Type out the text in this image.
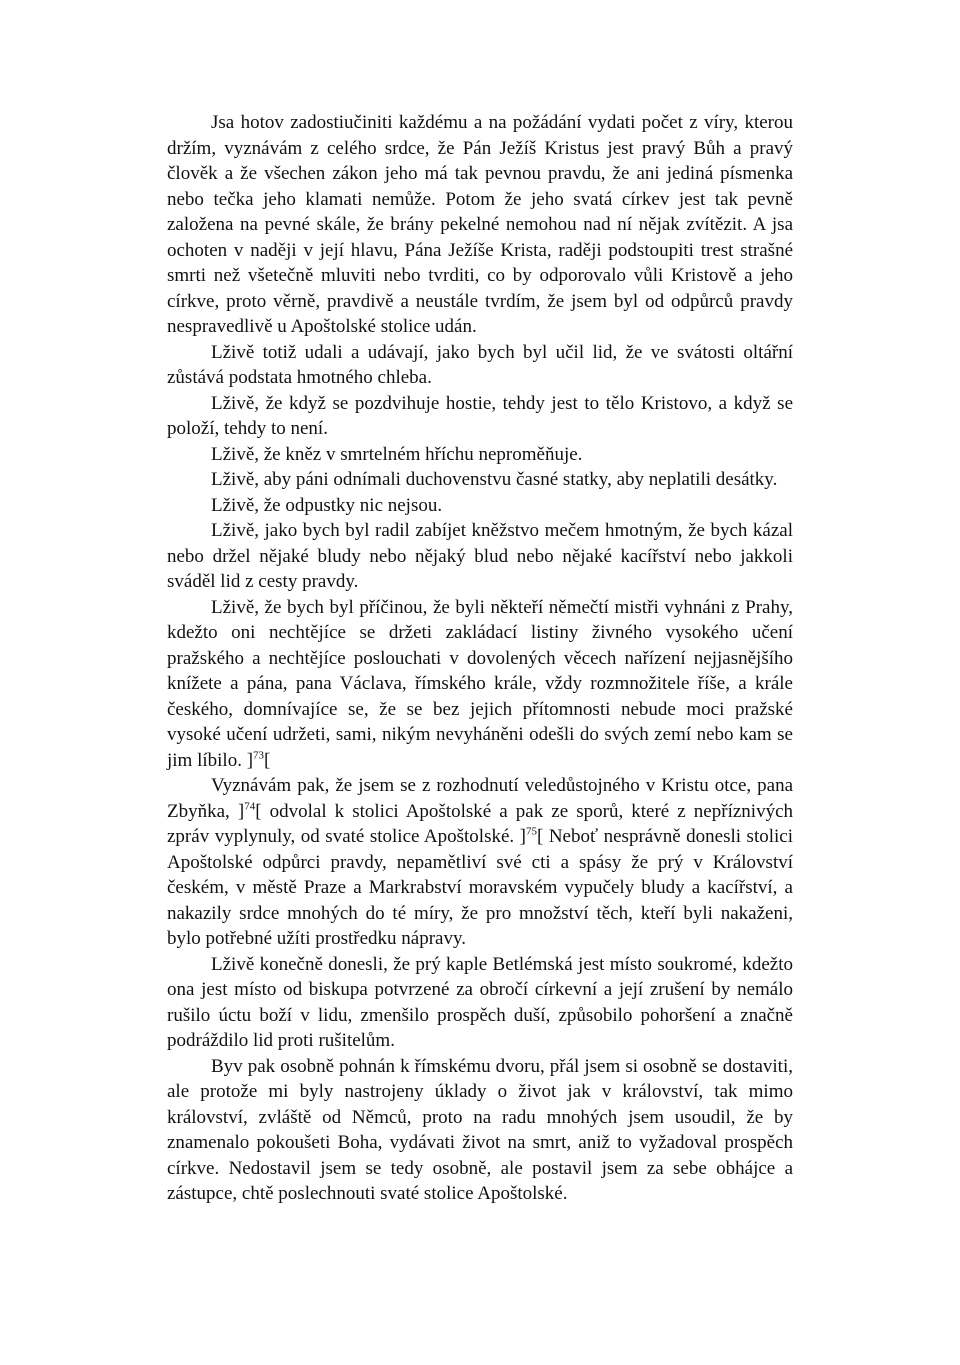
Jsa hotov zadostiučiniti každému a na požádání vydati počet z víry, kterou držím, vyznávám z celého srdce, že Pán Ježíš Kristus jest pravý Bůh a pravý člověk a že všechen zákon jeho má tak pevnou pravdu, že ani jediná písmenka nebo tečka jeho klamati nemůže. Potom že jeho svatá církev jest tak pevně založena na pevné skále, že brány pekelné nemohou nad ní nějak zvítězit. A jsa ochoten v naději v její hlavu, Pána Ježíše Krista, raději podstoupiti trest strašné smrti než všetečně mluviti nebo tvrditi, co by odporovalo vůli Kristově a jeho církve, proto věrně, pravdivě a neustále tvrdím, že jsem byl od odpůrců pravdy nespravedlivě u Apoštolské stolice udán.

Lživě totiž udali a udávají, jako bych byl učil lid, že ve svátosti oltářní zůstává podstata hmotného chleba.

Lživě, že když se pozdvihuje hostie, tehdy jest to tělo Kristovo, a když se položí, tehdy to není.

Lživě, že kněz v smrtelném hříchu neproměňuje.

Lživě, aby páni odnímali duchovenstvu časné statky, aby neplatili desátky.

Lživě, že odpustky nic nejsou.

Lživě, jako bych byl radil zabíjet kněžstvo mečem hmotným, že bych kázal nebo držel nějaké bludy nebo nějaký blud nebo nějaké kacířství nebo jakkoli sváděl lid z cesty pravdy.

Lživě, že bych byl příčinou, že byli někteří němečtí mistři vyhnáni z Prahy, kdežto oni nechtějíce se držeti zakládací listiny živného vysokého učení pražského a nechtějíce poslouchati v dovolených věcech nařízení nejjasnějšího knížete a pána, pana Václava, římského krále, vždy rozmnožitele říše, a krále českého, domnívajíce se, že se bez jejich přítomnosti nebude moci pražské vysoké učení udržeti, sami, nikým nevyháněni odešli do svých zemí nebo kam se jim líbilo. ]$^{73}$[

Vyznávám pak, že jsem se z rozhodnutí veledůstojného v Kristu otce, pana Zbyňka, ]$^{74}$[ odvolal k stolici Apoštolské a pak ze sporů, které z nepříznivých zpráv vyplynuly, od svaté stolice Apoštolské. ]$^{75}$[ Neboť nesprávně donesli stolici Apoštolské odpůrci pravdy, nepamětliví své cti a spásy že prý v Království českém, v městě Praze a Markrabství moravském vypučely bludy a kacířství, a nakazily srdce mnohých do té míry, že pro množství těch, kteří byli nakaženi, bylo potřebné užíti prostředku nápravy.

Lživě konečně donesli, že prý kaple Betlémská jest místo soukromé, kdežto ona jest místo od biskupa potvrzené za obročí církevní a její zrušení by nemálo rušilo úctu boží v lidu, zmenšilo prospěch duší, způsobilo pohoršení a značně podráždilo lid proti rušitelům.

Byv pak osobně pohnán k římskému dvoru, přál jsem si osobně se dostaviti, ale protože mi byly nastrojeny úklady o život jak v království, tak mimo království, zvláště od Němců, proto na radu mnohých jsem usoudil, že by znamenalo pokoušeti Boha, vydávati život na smrt, aniž to vyžadoval prospěch církve. Nedostavil jsem se tedy osobně, ale postavil jsem za sebe obhájce a zástupce, chtě poslechnouti svaté stolice Apoštolské.
